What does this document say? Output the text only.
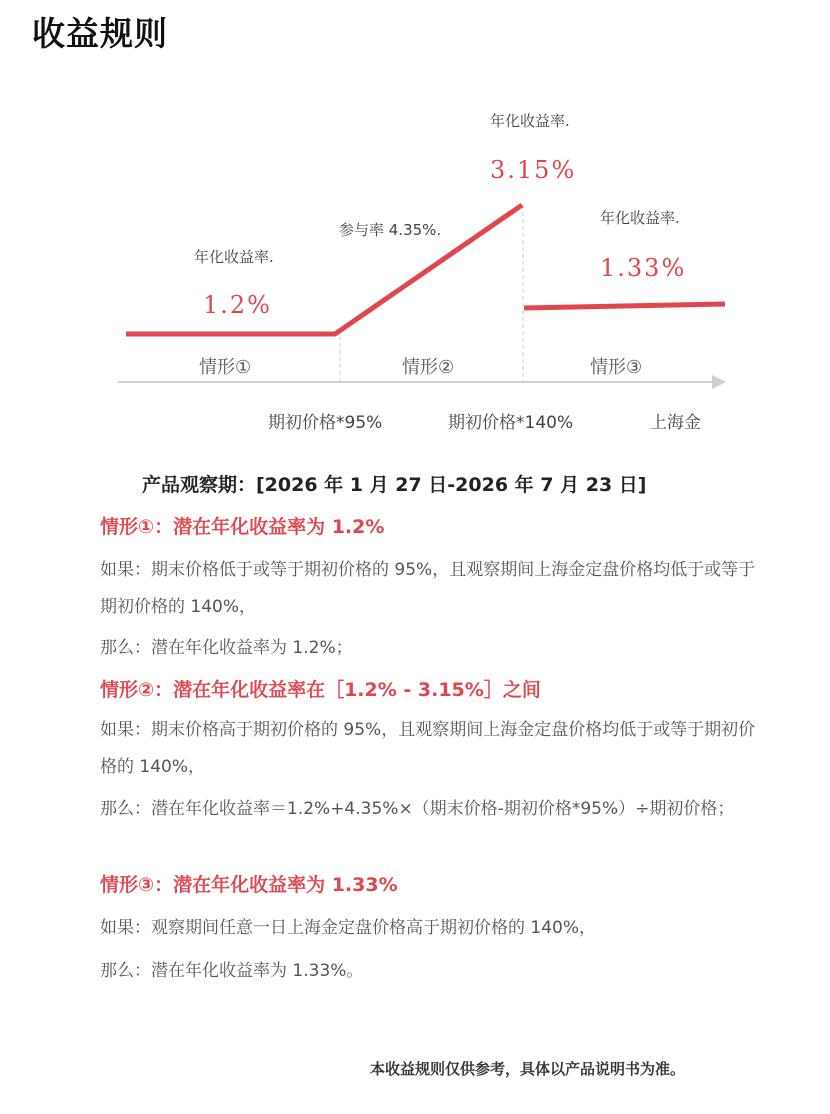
收益规则
年化收益率.
1.2%
参与率 4.35%.
年化收益率.
3.15%
年化收益率.
1.33%
情形①	情形②	情形③
期初价格*95%	期初价格*140%	上海金
产品观察期：[2026 年 1 月 27 日-2026 年 7 月 23 日]
情形①：潜在年化收益率为 1.2%
如果：期末价格低于或等于期初价格的 95%，且观察期间上海金定盘价格均低于或等于期初价格的 140%，
那么：潜在年化收益率为 1.2%；
情形②：潜在年化收益率在［1.2% - 3.15%］之间
如果：期末价格高于期初价格的 95%，且观察期间上海金定盘价格均低于或等于期初价格的 140%，
那么：潜在年化收益率＝1.2%+4.35%×（期末价格-期初价格*95%）÷期初价格；
情形③：潜在年化收益率为 1.33%
如果：观察期间任意一日上海金定盘价格高于期初价格的 140%，
那么：潜在年化收益率为 1.33%。
本收益规则仅供参考，具体以产品说明书为准。
